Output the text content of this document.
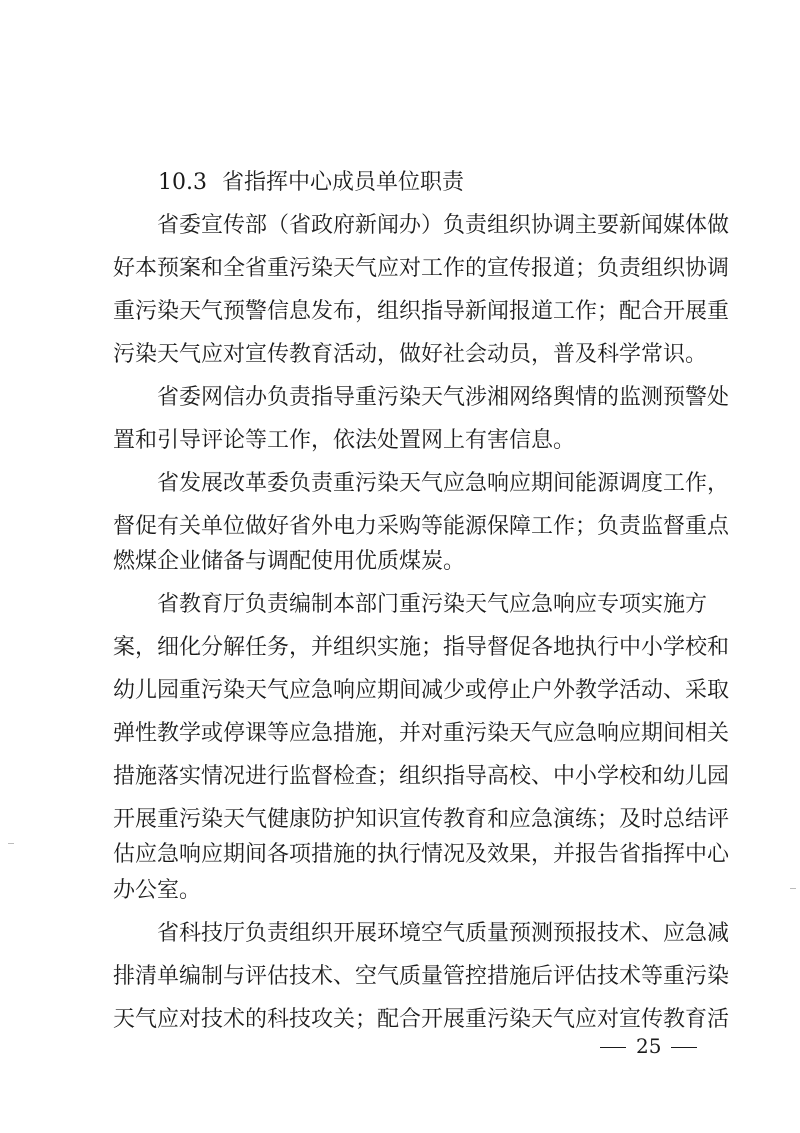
10.3 省指挥中心成员单位职责
　　省委宣传部（省政府新闻办）负责组织协调主要新闻媒体做
好本预案和全省重污染天气应对工作的宣传报道；负责组织协调
重污染天气预警信息发布，组织指导新闻报道工作；配合开展重
污染天气应对宣传教育活动，做好社会动员，普及科学常识。
　　省委网信办负责指导重污染天气涉湘网络舆情的监测预警处
置和引导评论等工作，依法处置网上有害信息。
　　省发展改革委负责重污染天气应急响应期间能源调度工作，
督促有关单位做好省外电力采购等能源保障工作；负责监督重点
燃煤企业储备与调配使用优质煤炭。
　　省教育厅负责编制本部门重污染天气应急响应专项实施方
案，细化分解任务，并组织实施；指导督促各地执行中小学校和
幼儿园重污染天气应急响应期间减少或停止户外教学活动、采取
弹性教学或停课等应急措施，并对重污染天气应急响应期间相关
措施落实情况进行监督检查；组织指导高校、中小学校和幼儿园
开展重污染天气健康防护知识宣传教育和应急演练；及时总结评
估应急响应期间各项措施的执行情况及效果，并报告省指挥中心
办公室。
　　省科技厅负责组织开展环境空气质量预测预报技术、应急减
排清单编制与评估技术、空气质量管控措施后评估技术等重污染
天气应对技术的科技攻关；配合开展重污染天气应对宣传教育活
25
